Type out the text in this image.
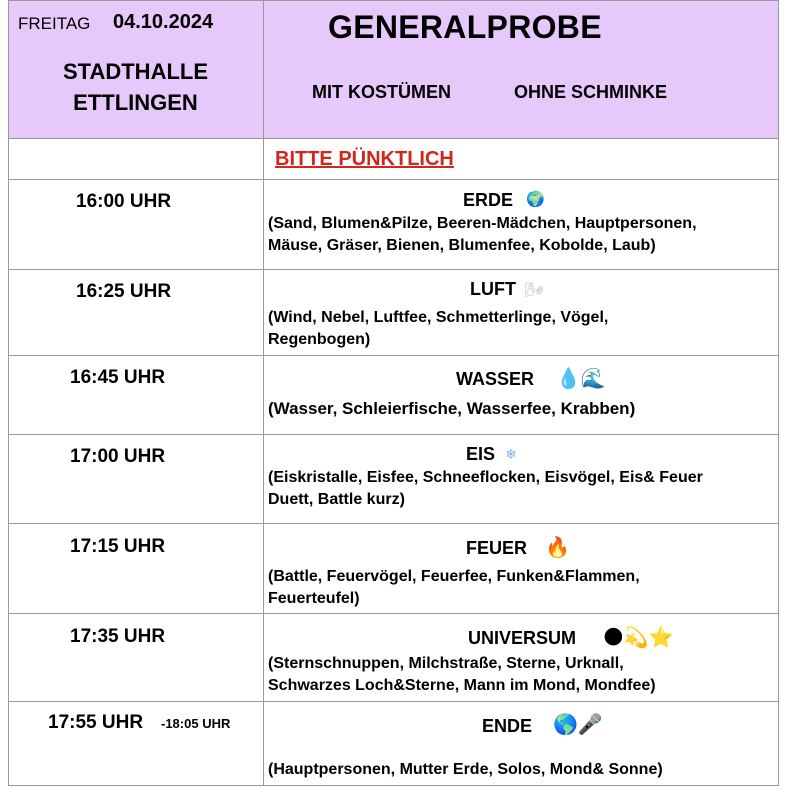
FREITAG 04.10.2024
STADTHALLE
ETTLINGEN
GENERALPROBE
MIT KOSTÜMEN	OHNE SCHMINKE
BITTE PÜNKTLICH
16:00 UHR	ERDE 🌍
(Sand, Blumen&Pilze, Beeren-Mädchen, Hauptpersonen,
Mäuse, Gräser, Bienen, Blumenfee, Kobolde, Laub)
16:25 UHR	LUFT 🌬
(Wind, Nebel, Luftfee, Schmetterlinge, Vögel,
Regenbogen)
16:45 UHR	WASSER 💧🌊
(Wasser, Schleierfische, Wasserfee, Krabben)
17:00 UHR	EIS ❄
(Eiskristalle, Eisfee, Schneeflocken, Eisvögel, Eis& Feuer
Duett, Battle kurz)
17:15 UHR	FEUER 🔥
(Battle, Feuervögel, Feuerfee, Funken&Flammen,
Feuerteufel)
17:35 UHR	UNIVERSUM 🌑💫⭐
(Sternschnuppen, Milchstraße, Sterne, Urknall,
Schwarzes Loch&Sterne, Mann im Mond, Mondfee)
17:55 UHR -18:05 UHR	ENDE 🌎🎤
(Hauptpersonen, Mutter Erde, Solos, Mond& Sonne)
